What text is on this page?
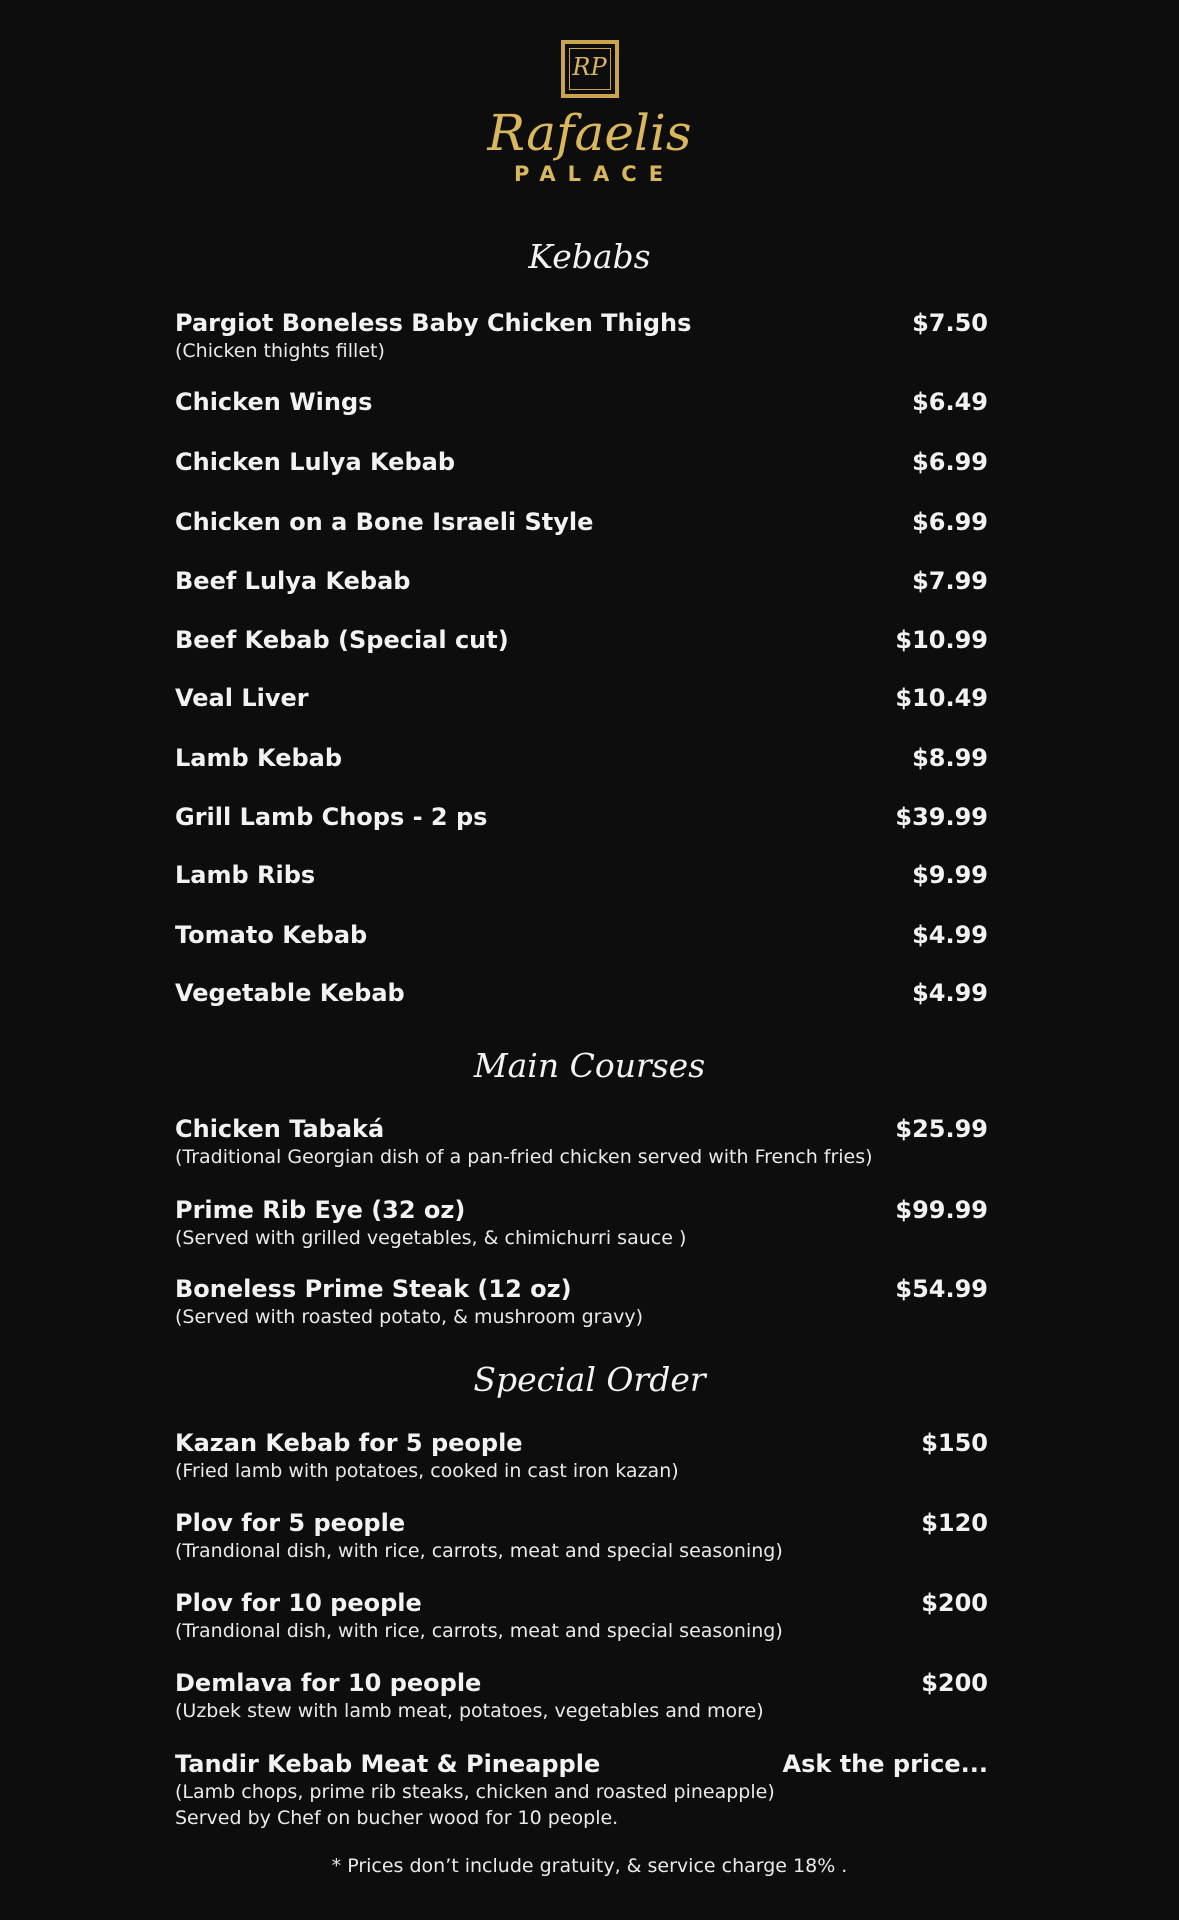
RP
Rafaelis
PALACE
Kebabs
Pargiot Boneless Baby Chicken Thighs	$7.50
(Chicken thights fillet)
Chicken Wings	$6.49
Chicken Lulya Kebab	$6.99
Chicken on a Bone Israeli Style	$6.99
Beef Lulya Kebab	$7.99
Beef Kebab (Special cut)	$10.99
Veal Liver	$10.49
Lamb Kebab	$8.99
Grill Lamb Chops - 2 ps	$39.99
Lamb Ribs	$9.99
Tomato Kebab	$4.99
Vegetable Kebab	$4.99
Main Courses
Chicken Tabaká	$25.99
(Traditional Georgian dish of a pan-fried chicken served with French fries)
Prime Rib Eye (32 oz)	$99.99
(Served with grilled vegetables, & chimichurri sauce )
Boneless Prime Steak (12 oz)	$54.99
(Served with roasted potato, & mushroom gravy)
Special Order
Kazan Kebab for 5 people	$150
(Fried lamb with potatoes, cooked in cast iron kazan)
Plov for 5 people	$120
(Trandional dish, with rice, carrots, meat and special seasoning)
Plov for 10 people	$200
(Trandional dish, with rice, carrots, meat and special seasoning)
Demlava for 10 people	$200
(Uzbek stew with lamb meat, potatoes, vegetables and more)
Tandir Kebab Meat & Pineapple	Ask the price...
(Lamb chops, prime rib steaks, chicken and roasted pineapple)
Served by Chef on bucher wood for 10 people.
* Prices don’t include gratuity, & service charge 18% .
